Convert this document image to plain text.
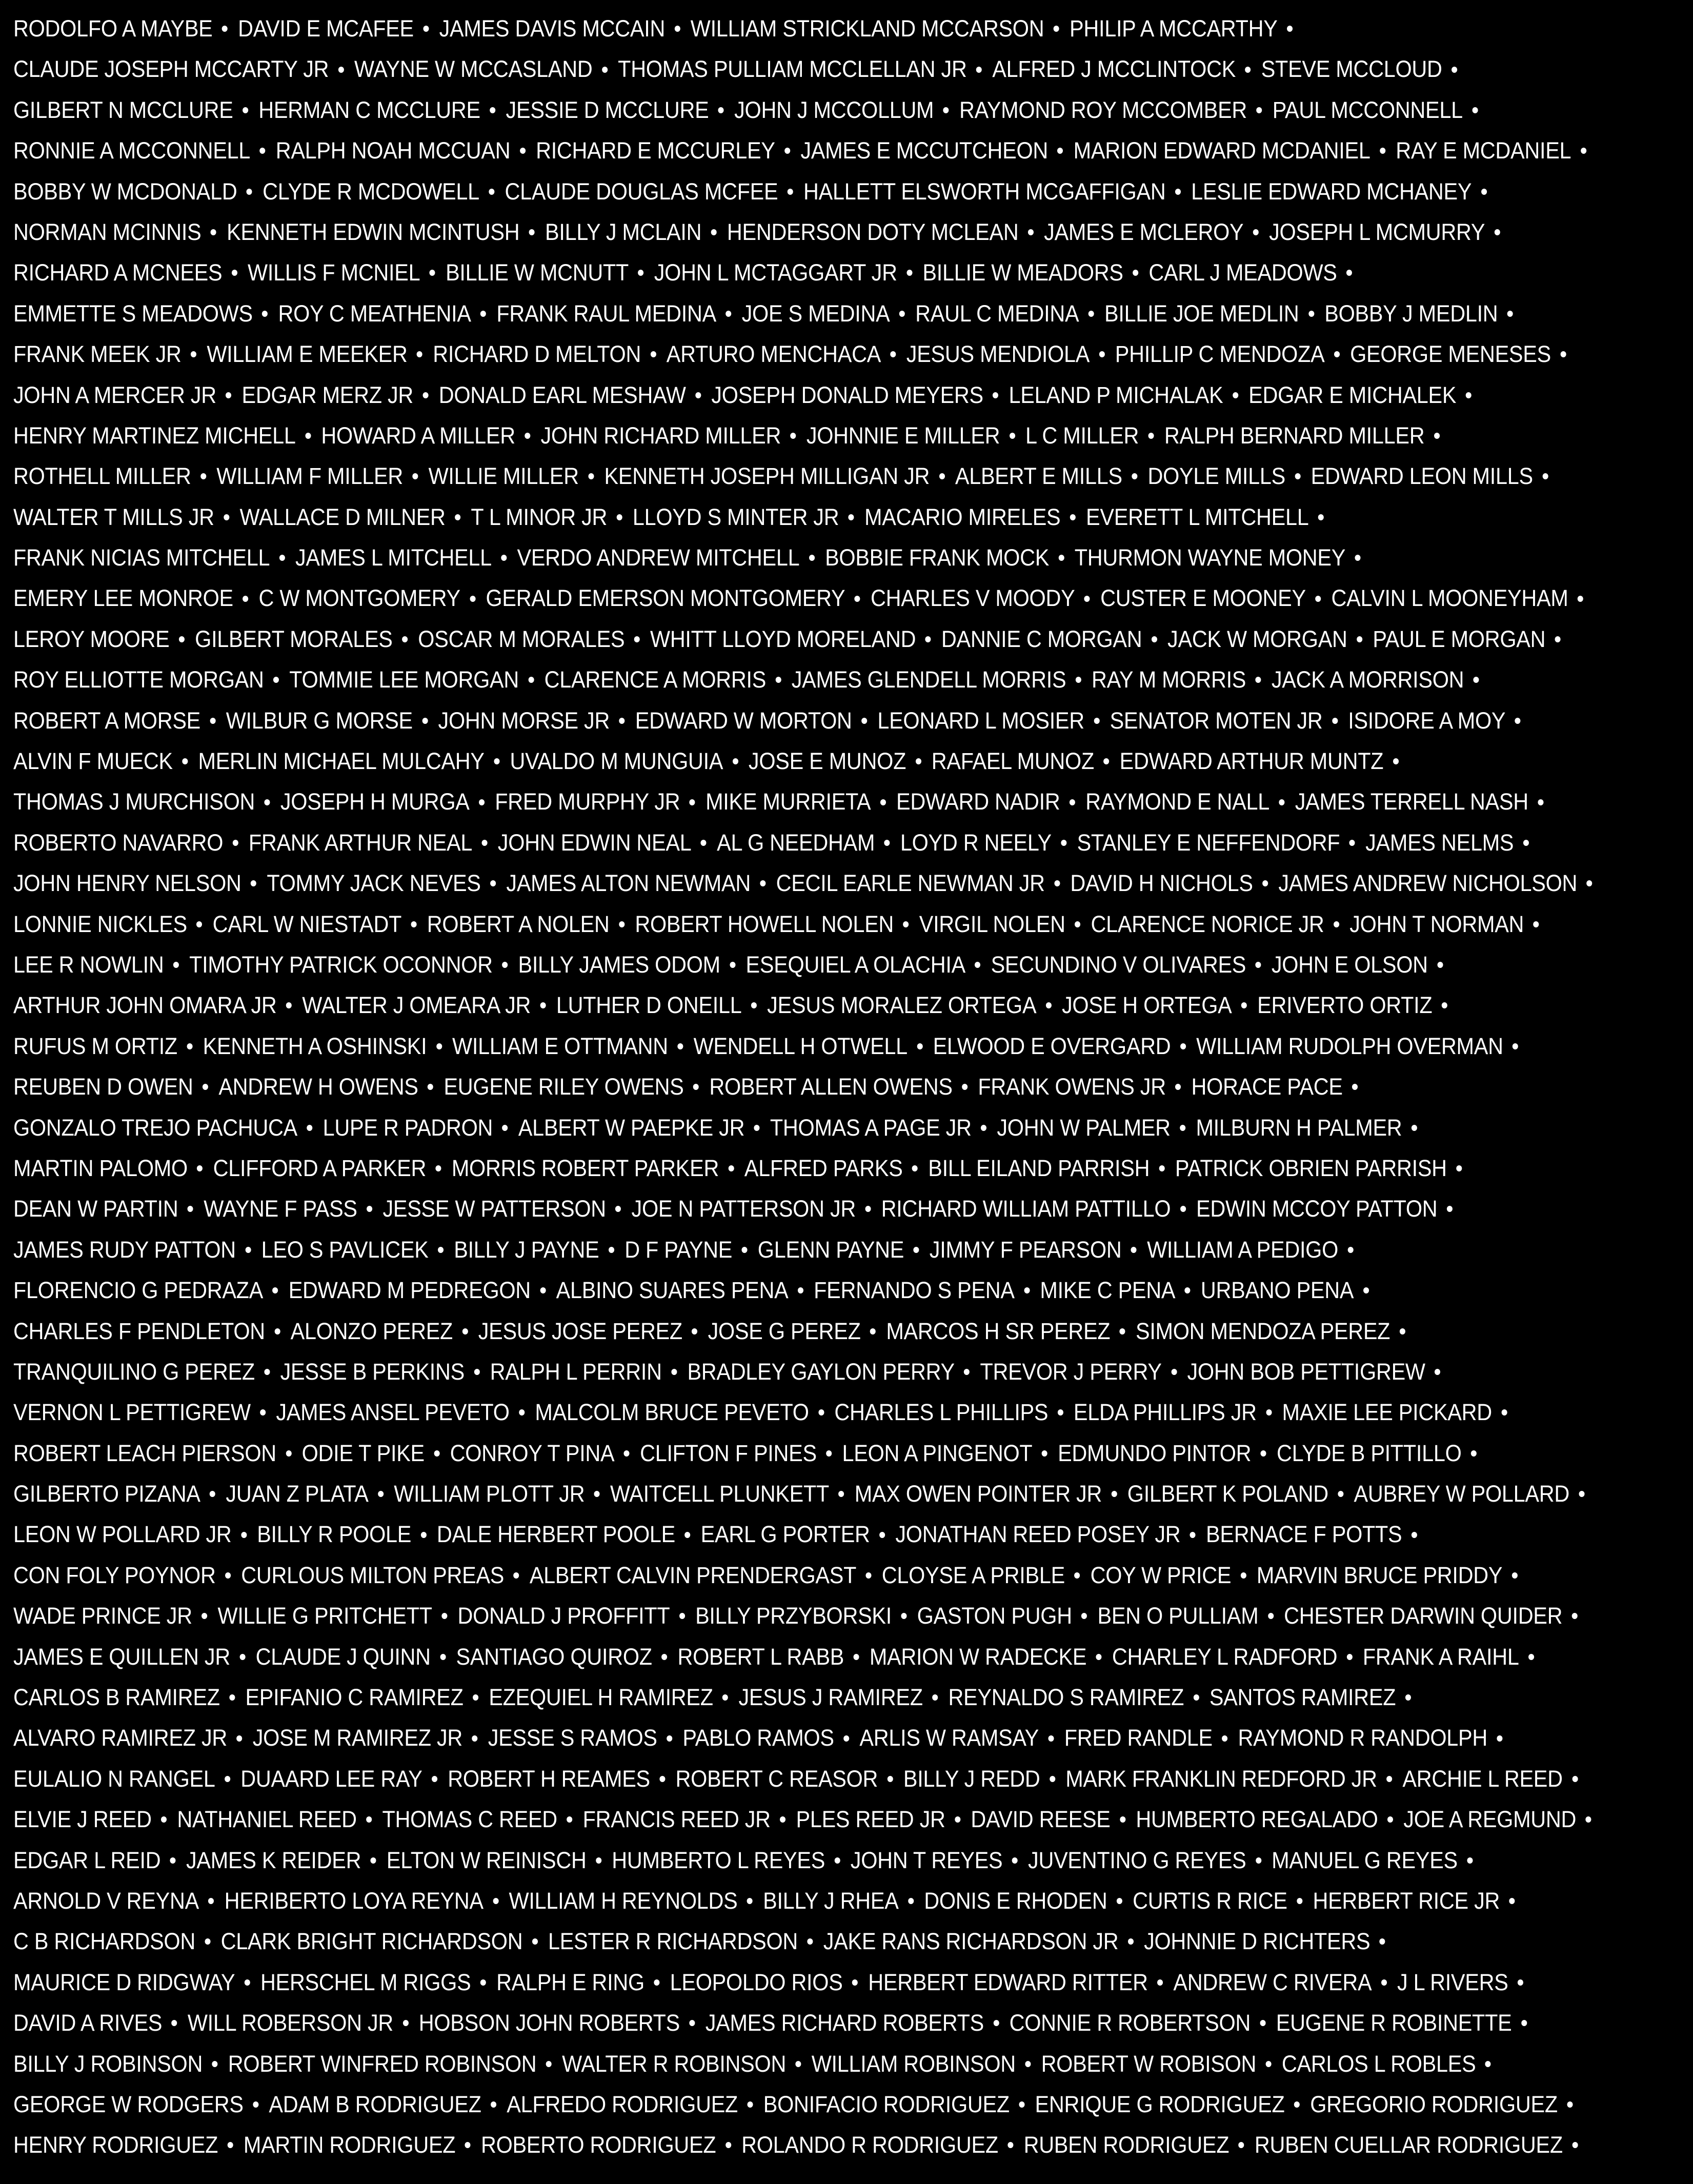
RODOLFO A MAYBE DAVID E MCAFEE JAMES DAVIS MCCAIN WILLIAM STRICKLAND MCCARSON PHILIP A MCCARTHY
CLAUDE JOSEPH MCCARTY JR WAYNE W MCCASLAND THOMAS PULLIAM MCCLELLAN JR ALFRED J MCCLINTOCK STEVE MCCLOUD
GILBERT N MCCLURE HERMAN C MCCLURE JESSIE D MCCLURE JOHN J MCCOLLUM RAYMOND ROY MCCOMBER PAUL MCCONNELL
RONNIE A MCCONNELL RALPH NOAH MCCUAN RICHARD E MCCURLEY JAMES E MCCUTCHEON MARION EDWARD MCDANIEL RAY E MCDANIEL
BOBBY W MCDONALD CLYDE R MCDOWELL CLAUDE DOUGLAS MCFEE HALLETT ELSWORTH MCGAFFIGAN LESLIE EDWARD MCHANEY
NORMAN MCINNIS KENNETH EDWIN MCINTUSH BILLY J MCLAIN HENDERSON DOTY MCLEAN JAMES E MCLEROY JOSEPH L MCMURRY
RICHARD A MCNEES WILLIS F MCNIEL BILLIE W MCNUTT JOHN L MCTAGGART JR BILLIE W MEADORS CARL J MEADOWS
EMMETTE S MEADOWS ROY C MEATHENIA FRANK RAUL MEDINA JOE S MEDINA RAUL C MEDINA BILLIE JOE MEDLIN BOBBY J MEDLIN
FRANK MEEK JR WILLIAM E MEEKER RICHARD D MELTON ARTURO MENCHACA JESUS MENDIOLA PHILLIP C MENDOZA GEORGE MENESES
JOHN A MERCER JR EDGAR MERZ JR DONALD EARL MESHAW JOSEPH DONALD MEYERS LELAND P MICHALAK EDGAR E MICHALEK
HENRY MARTINEZ MICHELL HOWARD A MILLER JOHN RICHARD MILLER JOHNNIE E MILLER L C MILLER RALPH BERNARD MILLER
ROTHELL MILLER WILLIAM F MILLER WILLIE MILLER KENNETH JOSEPH MILLIGAN JR ALBERT E MILLS DOYLE MILLS EDWARD LEON MILLS
WALTER T MILLS JR WALLACE D MILNER T L MINOR JR LLOYD S MINTER JR MACARIO MIRELES EVERETT L MITCHELL
FRANK NICIAS MITCHELL JAMES L MITCHELL VERDO ANDREW MITCHELL BOBBIE FRANK MOCK THURMON WAYNE MONEY
EMERY LEE MONROE C W MONTGOMERY GERALD EMERSON MONTGOMERY CHARLES V MOODY CUSTER E MOONEY CALVIN L MOONEYHAM
LEROY MOORE GILBERT MORALES OSCAR M MORALES WHITT LLOYD MORELAND DANNIE C MORGAN JACK W MORGAN PAUL E MORGAN
ROY ELLIOTTE MORGAN TOMMIE LEE MORGAN CLARENCE A MORRIS JAMES GLENDELL MORRIS RAY M MORRIS JACK A MORRISON
ROBERT A MORSE WILBUR G MORSE JOHN MORSE JR EDWARD W MORTON LEONARD L MOSIER SENATOR MOTEN JR ISIDORE A MOY
ALVIN F MUECK MERLIN MICHAEL MULCAHY UVALDO M MUNGUIA JOSE E MUNOZ RAFAEL MUNOZ EDWARD ARTHUR MUNTZ
THOMAS J MURCHISON JOSEPH H MURGA FRED MURPHY JR MIKE MURRIETA EDWARD NADIR RAYMOND E NALL JAMES TERRELL NASH
ROBERTO NAVARRO FRANK ARTHUR NEAL JOHN EDWIN NEAL AL G NEEDHAM LOYD R NEELY STANLEY E NEFFENDORF JAMES NELMS
JOHN HENRY NELSON TOMMY JACK NEVES JAMES ALTON NEWMAN CECIL EARLE NEWMAN JR DAVID H NICHOLS JAMES ANDREW NICHOLSON
LONNIE NICKLES CARL W NIESTADT ROBERT A NOLEN ROBERT HOWELL NOLEN VIRGIL NOLEN CLARENCE NORICE JR JOHN T NORMAN
LEE R NOWLIN TIMOTHY PATRICK OCONNOR BILLY JAMES ODOM ESEQUIEL A OLACHIA SECUNDINO V OLIVARES JOHN E OLSON
ARTHUR JOHN OMARA JR WALTER J OMEARA JR LUTHER D ONEILL JESUS MORALEZ ORTEGA JOSE H ORTEGA ERIVERTO ORTIZ
RUFUS M ORTIZ KENNETH A OSHINSKI WILLIAM E OTTMANN WENDELL H OTWELL ELWOOD E OVERGARD WILLIAM RUDOLPH OVERMAN
REUBEN D OWEN ANDREW H OWENS EUGENE RILEY OWENS ROBERT ALLEN OWENS FRANK OWENS JR HORACE PACE
GONZALO TREJO PACHUCA LUPE R PADRON ALBERT W PAEPKE JR THOMAS A PAGE JR JOHN W PALMER MILBURN H PALMER
MARTIN PALOMO CLIFFORD A PARKER MORRIS ROBERT PARKER ALFRED PARKS BILL EILAND PARRISH PATRICK OBRIEN PARRISH
DEAN W PARTIN WAYNE F PASS JESSE W PATTERSON JOE N PATTERSON JR RICHARD WILLIAM PATTILLO EDWIN MCCOY PATTON
JAMES RUDY PATTON LEO S PAVLICEK BILLY J PAYNE D F PAYNE GLENN PAYNE JIMMY F PEARSON WILLIAM A PEDIGO
FLORENCIO G PEDRAZA EDWARD M PEDREGON ALBINO SUARES PENA FERNANDO S PENA MIKE C PENA URBANO PENA
CHARLES F PENDLETON ALONZO PEREZ JESUS JOSE PEREZ JOSE G PEREZ MARCOS H SR PEREZ SIMON MENDOZA PEREZ
TRANQUILINO G PEREZ JESSE B PERKINS RALPH L PERRIN BRADLEY GAYLON PERRY TREVOR J PERRY JOHN BOB PETTIGREW
VERNON L PETTIGREW JAMES ANSEL PEVETO MALCOLM BRUCE PEVETO CHARLES L PHILLIPS ELDA PHILLIPS JR MAXIE LEE PICKARD
ROBERT LEACH PIERSON ODIE T PIKE CONROY T PINA CLIFTON F PINES LEON A PINGENOT EDMUNDO PINTOR CLYDE B PITTILLO
GILBERTO PIZANA JUAN Z PLATA WILLIAM PLOTT JR WAITCELL PLUNKETT MAX OWEN POINTER JR GILBERT K POLAND AUBREY W POLLARD
LEON W POLLARD JR BILLY R POOLE DALE HERBERT POOLE EARL G PORTER JONATHAN REED POSEY JR BERNACE F POTTS
CON FOLY POYNOR CURLOUS MILTON PREAS ALBERT CALVIN PRENDERGAST CLOYSE A PRIBLE COY W PRICE MARVIN BRUCE PRIDDY
WADE PRINCE JR WILLIE G PRITCHETT DONALD J PROFFITT BILLY PRZYBORSKI GASTON PUGH BEN O PULLIAM CHESTER DARWIN QUIDER
JAMES E QUILLEN JR CLAUDE J QUINN SANTIAGO QUIROZ ROBERT L RABB MARION W RADECKE CHARLEY L RADFORD FRANK A RAIHL
CARLOS B RAMIREZ EPIFANIO C RAMIREZ EZEQUIEL H RAMIREZ JESUS J RAMIREZ REYNALDO S RAMIREZ SANTOS RAMIREZ
ALVARO RAMIREZ JR JOSE M RAMIREZ JR JESSE S RAMOS PABLO RAMOS ARLIS W RAMSAY FRED RANDLE RAYMOND R RANDOLPH
EULALIO N RANGEL DUAARD LEE RAY ROBERT H REAMES ROBERT C REASOR BILLY J REDD MARK FRANKLIN REDFORD JR ARCHIE L REED
ELVIE J REED NATHANIEL REED THOMAS C REED FRANCIS REED JR PLES REED JR DAVID REESE HUMBERTO REGALADO JOE A REGMUND
EDGAR L REID JAMES K REIDER ELTON W REINISCH HUMBERTO L REYES JOHN T REYES JUVENTINO G REYES MANUEL G REYES
ARNOLD V REYNA HERIBERTO LOYA REYNA WILLIAM H REYNOLDS BILLY J RHEA DONIS E RHODEN CURTIS R RICE HERBERT RICE JR
C B RICHARDSON CLARK BRIGHT RICHARDSON LESTER R RICHARDSON JAKE RANS RICHARDSON JR JOHNNIE D RICHTERS
MAURICE D RIDGWAY HERSCHEL M RIGGS RALPH E RING LEOPOLDO RIOS HERBERT EDWARD RITTER ANDREW C RIVERA J L RIVERS
DAVID A RIVES WILL ROBERSON JR HOBSON JOHN ROBERTS JAMES RICHARD ROBERTS CONNIE R ROBERTSON EUGENE R ROBINETTE
BILLY J ROBINSON ROBERT WINFRED ROBINSON WALTER R ROBINSON WILLIAM ROBINSON ROBERT W ROBISON CARLOS L ROBLES
GEORGE W RODGERS ADAM B RODRIGUEZ ALFREDO RODRIGUEZ BONIFACIO RODRIGUEZ ENRIQUE G RODRIGUEZ GREGORIO RODRIGUEZ
HENRY RODRIGUEZ MARTIN RODRIGUEZ ROBERTO RODRIGUEZ ROLANDO R RODRIGUEZ RUBEN RODRIGUEZ RUBEN CUELLAR RODRIGUEZ
